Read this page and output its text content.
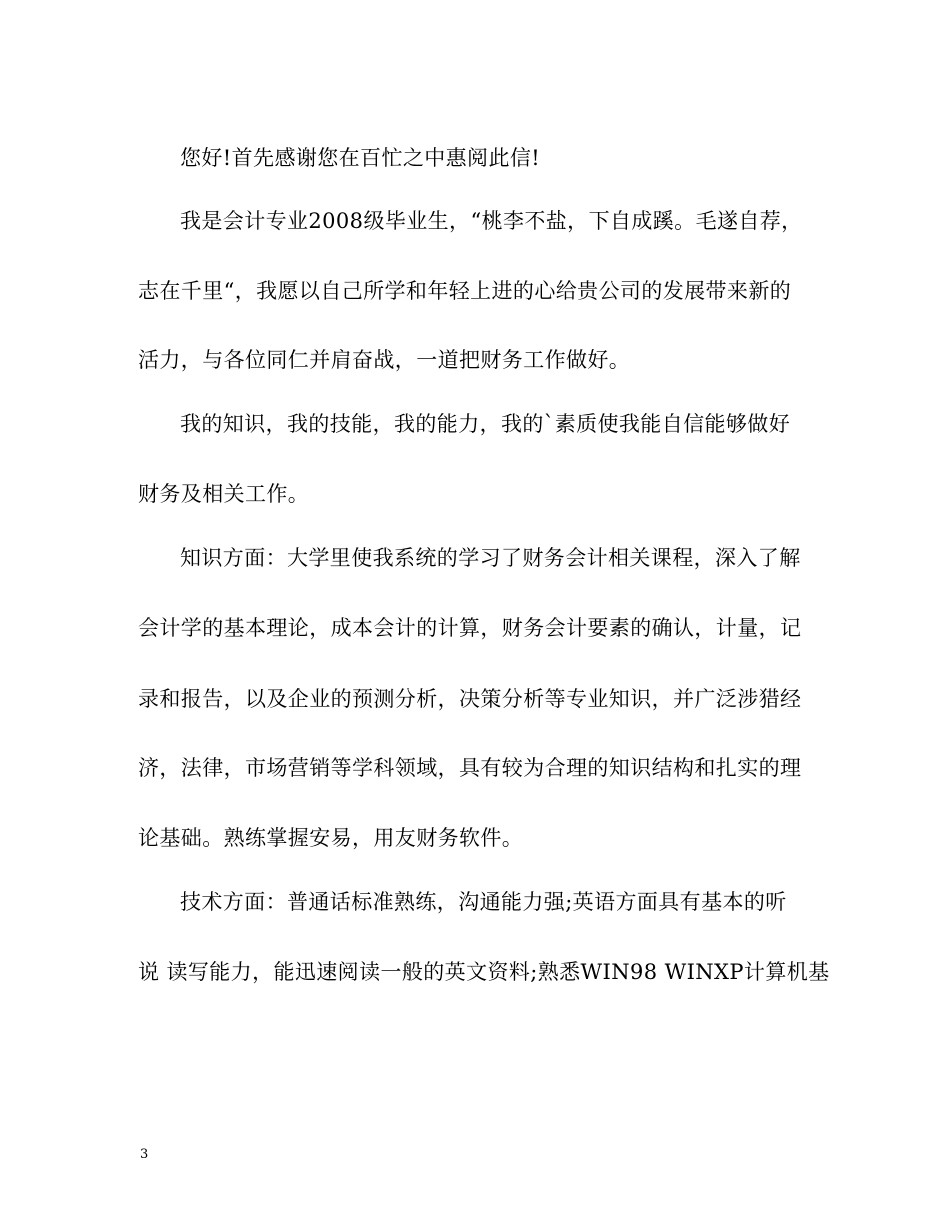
您好!首先感谢您在百忙之中惠阅此信!
我是会计专业2008级毕业生，“桃李不盐，下自成蹊。毛遂自荐，
志在千里“，我愿以自己所学和年轻上进的心给贵公司的发展带来新的
活力，与各位同仁并肩奋战，一道把财务工作做好。
我的知识，我的技能，我的能力，我的`素质使我能自信能够做好
财务及相关工作。
知识方面：大学里使我系统的学习了财务会计相关课程，深入了解
会计学的基本理论，成本会计的计算，财务会计要素的确认，计量，记
录和报告，以及企业的预测分析，决策分析等专业知识，并广泛涉猎经
济，法律，市场营销等学科领域，具有较为合理的知识结构和扎实的理
论基础。熟练掌握安易，用友财务软件。
技术方面：普通话标准熟练，沟通能力强;英语方面具有基本的听
说 读写能力，能迅速阅读一般的英文资料;熟悉WIN98 WINXP计算机基
3
